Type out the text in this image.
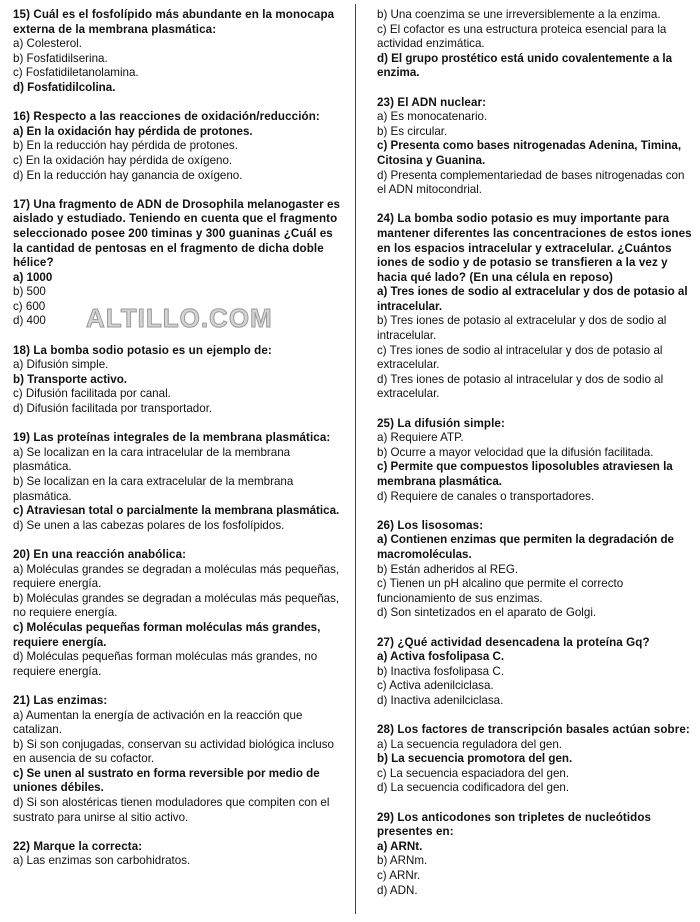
15) Cuál es el fosfolípido más abundante en la monocapa externa de la membrana plasmática:
a) Colesterol.
b) Fosfatidilserina.
c) Fosfatidiletanolamina.
d) Fosfatidilcolina.
16) Respecto a las reacciones de oxidación/reducción:
a) En la oxidación hay pérdida de protones.
b) En la reducción hay pérdida de protones.
c) En la oxidación hay pérdida de oxígeno.
d) En la reducción hay ganancia de oxígeno.
17) Una fragmento de ADN de Drosophila melanogaster es aislado y estudiado. Teniendo en cuenta que el fragmento seleccionado posee 200 timinas y 300 guaninas ¿Cuál es la cantidad de pentosas en el fragmento de dicha doble hélice?
a) 1000
b) 500
c) 600
d) 400
18) La bomba sodio potasio es un ejemplo de:
a) Difusión simple.
b) Transporte activo.
c) Difusión facilitada por canal.
d) Difusión facilitada por transportador.
19) Las proteínas integrales de la membrana plasmática:
a) Se localizan en la cara intracelular de la membrana plasmática.
b) Se localizan en la cara extracelular de la membrana plasmática.
c) Atraviesan total o parcialmente la membrana plasmática.
d) Se unen a las cabezas polares de los fosfolípidos.
20) En una reacción anabólica:
a) Moléculas grandes se degradan a moléculas más pequeñas, requiere energía.
b) Moléculas grandes se degradan a moléculas más pequeñas, no requiere energía.
c) Moléculas pequeñas forman moléculas más grandes, requiere energía.
d) Moléculas pequeñas forman moléculas más grandes, no requiere energía.
21) Las enzimas:
a) Aumentan la energía de activación en la reacción que catalizan.
b) Si son conjugadas, conservan su actividad biológica incluso en ausencia de su cofactor.
c) Se unen al sustrato en forma reversible por medio de uniones débiles.
d) Si son alostéricas tienen moduladores que compiten con el sustrato para unirse al sitio activo.
22) Marque la correcta:
a) Las enzimas son carbohidratos.
b) Una coenzima se une irreversiblemente a la enzima.
c) El cofactor es una estructura proteica esencial para la actividad enzimática.
d) El grupo prostético está unido covalentemente a la enzima.
23) El ADN nuclear:
a) Es monocatenario.
b) Es circular.
c) Presenta como bases nitrogenadas Adenina, Timina, Citosina y Guanina.
d) Presenta complementariedad de bases nitrogenadas con el ADN mitocondrial.
24) La bomba sodio potasio es muy importante para mantener diferentes las concentraciones de estos iones en los espacios intracelular y extracelular. ¿Cuántos iones de sodio y de potasio se transfieren a la vez y hacia qué lado? (En una célula en reposo)
a) Tres iones de sodio al extracelular y dos de potasio al intracelular.
b) Tres iones de potasio al extracelular y dos de sodio al intracelular.
c) Tres iones de sodio al intracelular y dos de potasio al extracelular.
d) Tres iones de potasio al intracelular y dos de sodio al extracelular.
25) La difusión simple:
a) Requiere ATP.
b) Ocurre a mayor velocidad que la difusión facilitada.
c) Permite que compuestos liposolubles atraviesen la membrana plasmática.
d) Requiere de canales o transportadores.
26) Los lisosomas:
a) Contienen enzimas que permiten la degradación de macromoléculas.
b) Están adheridos al REG.
c) Tienen un pH alcalino que permite el correcto funcionamiento de sus enzimas.
d) Son sintetizados en el aparato de Golgi.
27) ¿Qué actividad desencadena la proteína Gq?
a) Activa fosfolipasa C.
b) Inactiva fosfolipasa C.
c) Activa adenilciclasa.
d) Inactiva adenilciclasa.
28) Los factores de transcripción basales actúan sobre:
a) La secuencia reguladora del gen.
b) La secuencia promotora del gen.
c) La secuencia espaciadora del gen.
d) La secuencia codificadora del gen.
29) Los anticodones son tripletes de nucleótidos presentes en:
a) ARNt.
b) ARNm.
c) ARNr.
d) ADN.
ALTILLO.COM
